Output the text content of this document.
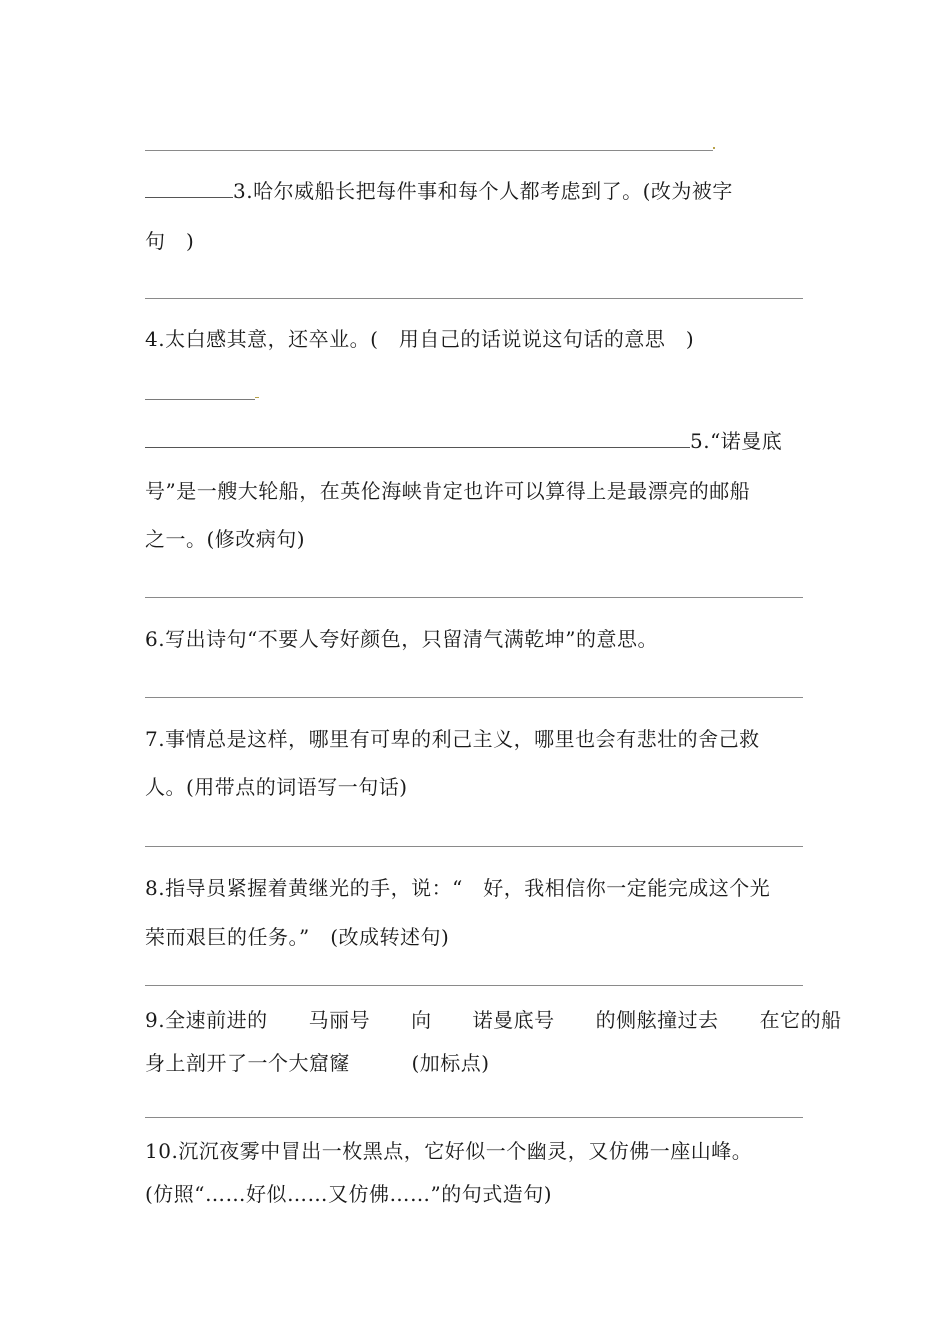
3.哈尔威船长把每件事和每个人都考虑到了。(改为被字
句　)
4.太白感其意，还卒业。(　用自己的话说说这句话的意思　)
5.“诺曼底
号”是一艘大轮船，在英伦海峡肯定也许可以算得上是最漂亮的邮船
之一。(修改病句)
6.写出诗句“不要人夸好颜色，只留清气满乾坤”的意思。
7.事情总是这样，哪里有可卑的利己主义，哪里也会有悲壮的舍己救
人。(用带点的词语写一句话)
8.指导员紧握着黄继光的手，说：“　好，我相信你一定能完成这个光
荣而艰巨的任务。”　(改成转述句)
9.全速前进的　　马丽号　　向　　诺曼底号　　的侧舷撞过去　　在它的船
身上剖开了一个大窟窿　　　(加标点)
10.沉沉夜雾中冒出一枚黑点，它好似一个幽灵，又仿佛一座山峰。
(仿照“……好似……又仿佛……”的句式造句)
